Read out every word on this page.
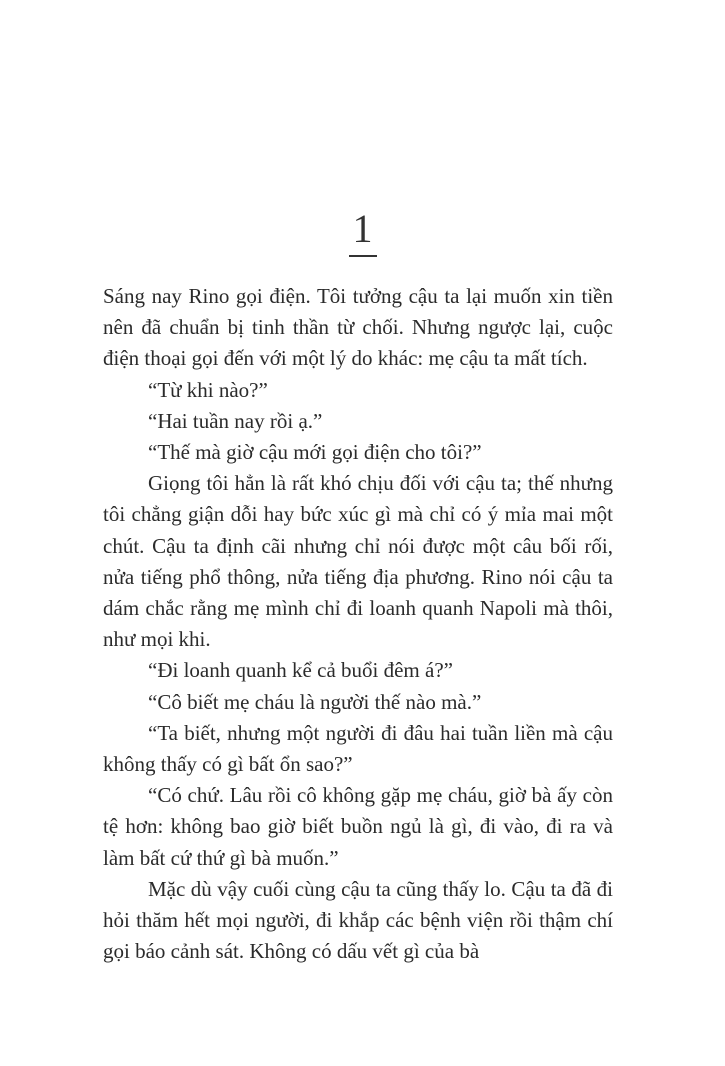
1

Sáng nay Rino gọi điện. Tôi tưởng cậu ta lại muốn xin tiền nên đã chuẩn bị tinh thần từ chối. Nhưng ngược lại, cuộc điện thoại gọi đến với một lý do khác: mẹ cậu ta mất tích.

“Từ khi nào?”

“Hai tuần nay rồi ạ.”

“Thế mà giờ cậu mới gọi điện cho tôi?”

Giọng tôi hẳn là rất khó chịu đối với cậu ta; thế nhưng tôi chẳng giận dỗi hay bức xúc gì mà chỉ có ý mỉa mai một chút. Cậu ta định cãi nhưng chỉ nói được một câu bối rối, nửa tiếng phổ thông, nửa tiếng địa phương. Rino nói cậu ta dám chắc rằng mẹ mình chỉ đi loanh quanh Napoli mà thôi, như mọi khi.

“Đi loanh quanh kể cả buổi đêm á?”

“Cô biết mẹ cháu là người thế nào mà.”

“Ta biết, nhưng một người đi đâu hai tuần liền mà cậu không thấy có gì bất ổn sao?”

“Có chứ. Lâu rồi cô không gặp mẹ cháu, giờ bà ấy còn tệ hơn: không bao giờ biết buồn ngủ là gì, đi vào, đi ra và làm bất cứ thứ gì bà muốn.”

Mặc dù vậy cuối cùng cậu ta cũng thấy lo. Cậu ta đã đi hỏi thăm hết mọi người, đi khắp các bệnh viện rồi thậm chí gọi báo cảnh sát. Không có dấu vết gì của bà
